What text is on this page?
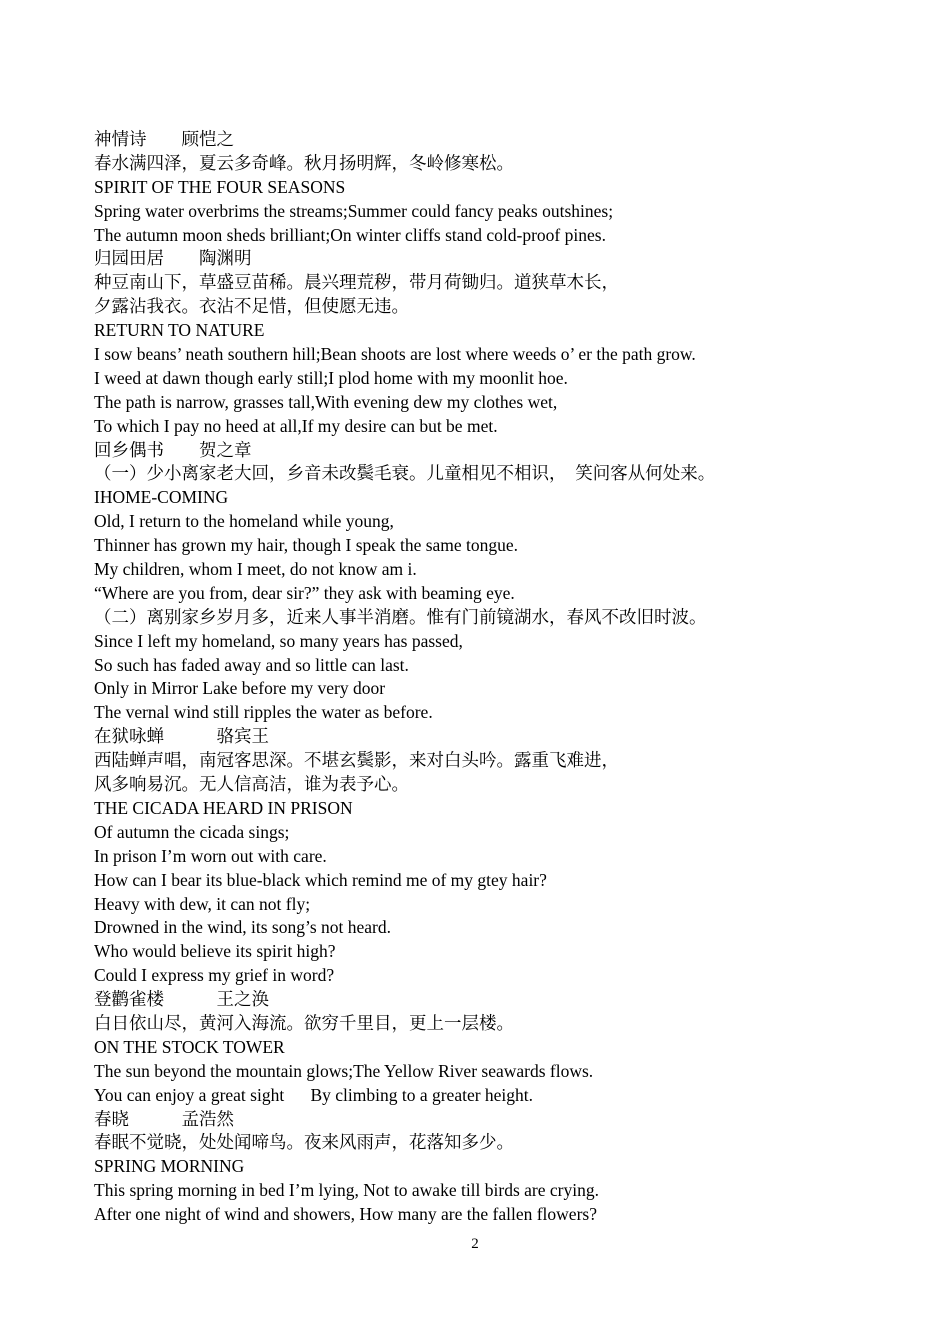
神情诗　　顾恺之
春水满四泽，夏云多奇峰。秋月扬明辉，冬岭修寒松。
SPIRIT OF THE FOUR SEASONS
Spring water overbrims the streams;Summer could fancy peaks outshines;
The autumn moon sheds brilliant;On winter cliffs stand cold-proof pines.
归园田居　　陶渊明
种豆南山下，草盛豆苗稀。晨兴理荒秽，带月荷锄归。道狭草木长，
夕露沾我衣。衣沾不足惜，但使愿无违。
RETURN TO NATURE
I sow beans’ neath southern hill;Bean shoots are lost where weeds o’ er the path grow.
I weed at dawn though early still;I plod home with my moonlit hoe.
The path is narrow, grasses tall,With evening dew my clothes wet,
To which I pay no heed at all,If my desire can but be met.
回乡偶书　　贺之章
（一）少小离家老大回，乡音未改鬓毛衰。儿童相见不相识，  笑问客从何处来。
IHOME-COMING
Old, I return to the homeland while young,
Thinner has grown my hair, though I speak the same tongue.
My children, whom I meet, do not know am i.
“Where are you from, dear sir?” they ask with beaming eye.
（二）离别家乡岁月多，近来人事半消磨。惟有门前镜湖水，春风不改旧时波。
Since I left my homeland, so many years has passed,
So such has faded away and so little can last.
Only in Mirror Lake before my very door
The vernal wind still ripples the water as before.
在狱咏蝉　　　骆宾王
西陆蝉声唱，南冠客思深。不堪玄鬓影，来对白头吟。露重飞难进，
风多响易沉。无人信高洁，谁为表予心。
THE CICADA HEARD IN PRISON
Of autumn the cicada sings;
In prison I’m worn out with care.
How can I bear its blue-black which remind me of my gtey hair?
Heavy with dew, it can not fly;
Drowned in the wind, its song’s not heard.
Who would believe its spirit high?
Could I express my grief in word?
登鹳雀楼　　　王之涣
白日依山尽，黄河入海流。欲穷千里目，更上一层楼。
ON THE STOCK TOWER
The sun beyond the mountain glows;The Yellow River seawards flows.
You can enjoy a great sight      By climbing to a greater height.
春晓　　　孟浩然
春眠不觉晓，处处闻啼鸟。夜来风雨声，花落知多少。
SPRING MORNING
This spring morning in bed I’m lying, Not to awake till birds are crying.
After one night of wind and showers, How many are the fallen flowers?
2
